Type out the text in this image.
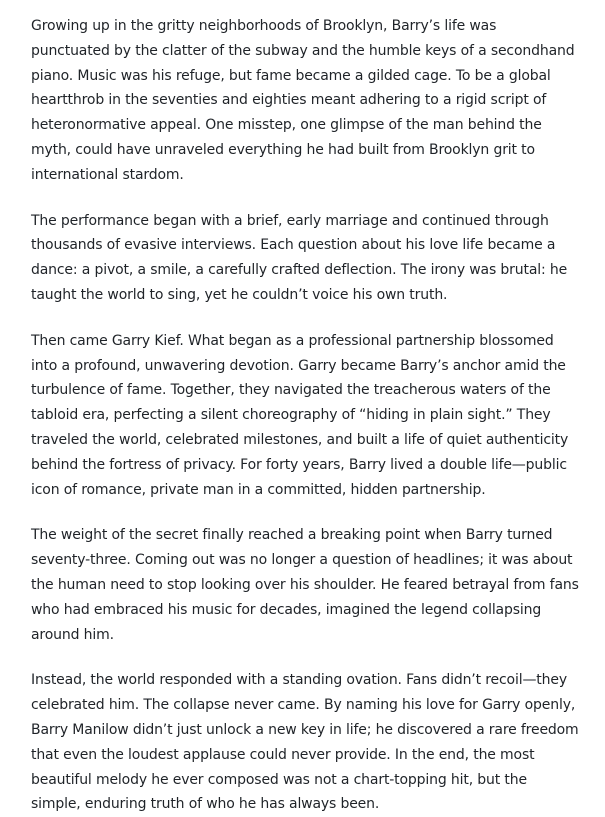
Growing up in the gritty neighborhoods of Brooklyn, Barry’s life was punctuated by the clatter of the subway and the humble keys of a secondhand piano. Music was his refuge, but fame became a gilded cage. To be a global heartthrob in the seventies and eighties meant adhering to a rigid script of heteronormative appeal. One misstep, one glimpse of the man behind the myth, could have unraveled everything he had built from Brooklyn grit to international stardom.

The performance began with a brief, early marriage and continued through thousands of evasive interviews. Each question about his love life became a dance: a pivot, a smile, a carefully crafted deflection. The irony was brutal: he taught the world to sing, yet he couldn’t voice his own truth.

Then came Garry Kief. What began as a professional partnership blossomed into a profound, unwavering devotion. Garry became Barry’s anchor amid the turbulence of fame. Together, they navigated the treacherous waters of the tabloid era, perfecting a silent choreography of “hiding in plain sight.” They traveled the world, celebrated milestones, and built a life of quiet authenticity behind the fortress of privacy. For forty years, Barry lived a double life—public icon of romance, private man in a committed, hidden partnership.

The weight of the secret finally reached a breaking point when Barry turned seventy-three. Coming out was no longer a question of headlines; it was about the human need to stop looking over his shoulder. He feared betrayal from fans who had embraced his music for decades, imagined the legend collapsing around him.

Instead, the world responded with a standing ovation. Fans didn’t recoil—they celebrated him. The collapse never came. By naming his love for Garry openly, Barry Manilow didn’t just unlock a new key in life; he discovered a rare freedom that even the loudest applause could never provide. In the end, the most beautiful melody he ever composed was not a chart-topping hit, but the simple, enduring truth of who he has always been.
